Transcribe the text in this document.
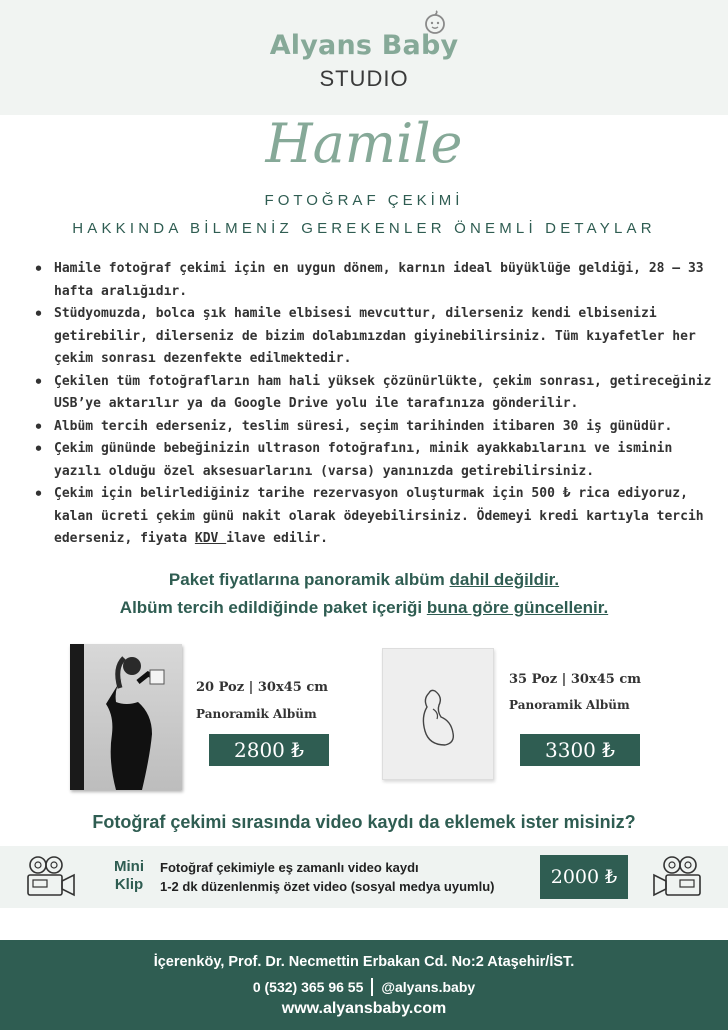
Alyans Baby
STUDIO
Hamile
FOTOĞRAF ÇEKİMİ
HAKKINDA BİLMENİZ GEREKENLER ÖNEMLİ DETAYLAR
• Hamile fotoğraf çekimi için en uygun dönem, karnın ideal büyüklüğe geldiği, 28 – 33 hafta aralığıdır.
• Stüdyomuzda, bolca şık hamile elbisesi mevcuttur, dilerseniz kendi elbisenizi getirebilir, dilerseniz de bizim dolabımızdan giyinebilirsiniz. Tüm kıyafetler her çekim sonrası dezenfekte edilmektedir.
• Çekilen tüm fotoğrafların ham hali yüksek çözünürlükte, çekim sonrası, getireceğiniz USB’ye aktarılır ya da Google Drive yolu ile tarafınıza gönderilir.
• Albüm tercih ederseniz, teslim süresi, seçim tarihinden itibaren 30 iş günüdür.
• Çekim gününde bebeğinizin ultrason fotoğrafını, minik ayakkabılarını ve isminin yazılı olduğu özel aksesuarlarını (varsa) yanınızda getirebilirsiniz.
• Çekim için belirlediğiniz tarihe rezervasyon oluşturmak için 500 ₺ rica ediyoruz, kalan ücreti çekim günü nakit olarak ödeyebilirsiniz. Ödemeyi kredi kartıyla tercih ederseniz, fiyata KDV ilave edilir.
Paket fiyatlarına panoramik albüm dahil değildir.
Albüm tercih edildiğinde paket içeriği buna göre güncellenir.
20 Poz | 30x45 cm
Panoramik Albüm
2800 ₺
35 Poz | 30x45 cm
Panoramik Albüm
3300 ₺
Fotoğraf çekimi sırasında video kaydı da eklemek ister misiniz?
Mini
Klip
Fotoğraf çekimiyle eş zamanlı video kaydı
1-2 dk düzenlenmiş özet video (sosyal medya uyumlu)	2000 ₺
İçerenköy, Prof. Dr. Necmettin Erbakan Cd. No:2 Ataşehir/İST.
0 (532) 365 96 55 @alyans.baby
www.alyansbaby.com
